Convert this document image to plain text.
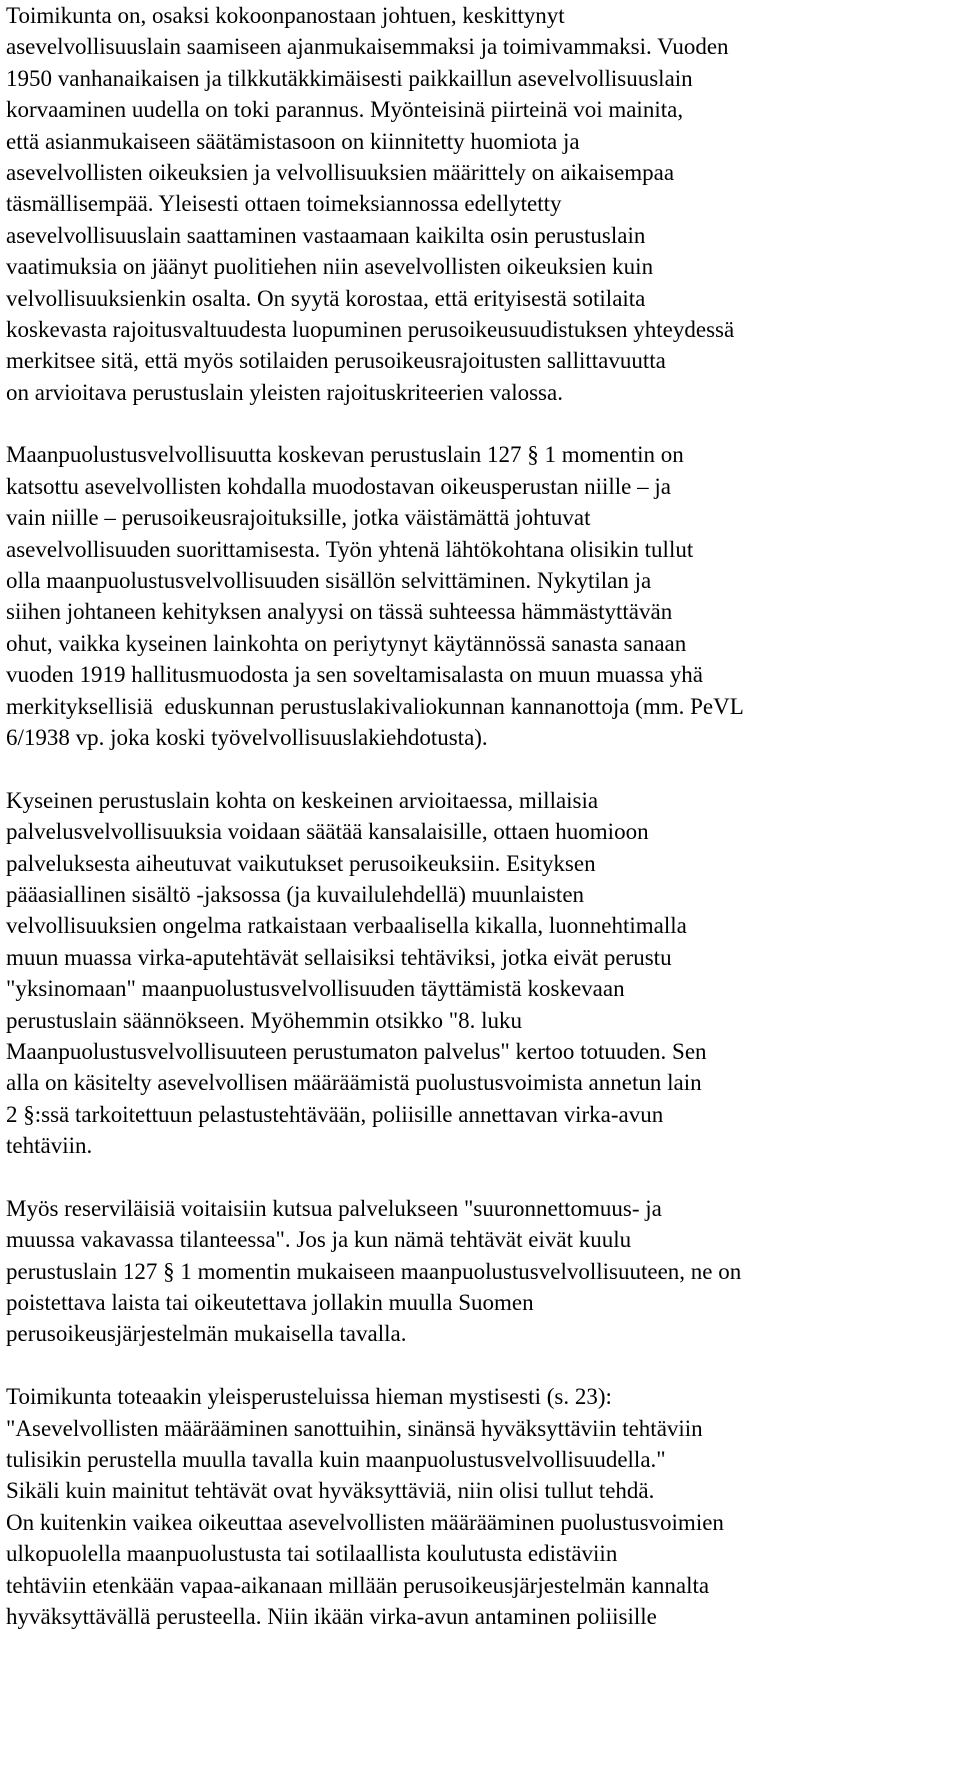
Toimikunta on, osaksi kokoonpanostaan johtuen, keskittynyt
asevelvollisuuslain saamiseen ajanmukaisemmaksi ja toimivammaksi. Vuoden
1950 vanhanaikaisen ja tilkkutäkkimäisesti paikkaillun asevelvollisuuslain
korvaaminen uudella on toki parannus. Myönteisinä piirteinä voi mainita,
että asianmukaiseen säätämistasoon on kiinnitetty huomiota ja
asevelvollisten oikeuksien ja velvollisuuksien määrittely on aikaisempaa
täsmällisempää. Yleisesti ottaen toimeksiannossa edellytetty
asevelvollisuuslain saattaminen vastaamaan kaikilta osin perustuslain
vaatimuksia on jäänyt puolitiehen niin asevelvollisten oikeuksien kuin
velvollisuuksienkin osalta. On syytä korostaa, että erityisestä sotilaita
koskevasta rajoitusvaltuudesta luopuminen perusoikeusuudistuksen yhteydessä
merkitsee sitä, että myös sotilaiden perusoikeusrajoitusten sallittavuutta
on arvioitava perustuslain yleisten rajoituskriteerien valossa.

Maanpuolustusvelvollisuutta koskevan perustuslain 127 § 1 momentin on
katsottu asevelvollisten kohdalla muodostavan oikeusperustan niille – ja
vain niille – perusoikeusrajoituksille, jotka väistämättä johtuvat
asevelvollisuuden suorittamisesta. Työn yhtenä lähtökohtana olisikin tullut
olla maanpuolustusvelvollisuuden sisällön selvittäminen. Nykytilan ja
siihen johtaneen kehityksen analyysi on tässä suhteessa hämmästyttävän
ohut, vaikka kyseinen lainkohta on periytynyt käytännössä sanasta sanaan
vuoden 1919 hallitusmuodosta ja sen soveltamisalasta on muun muassa yhä
merkityksellisiä  eduskunnan perustuslakivaliokunnan kannanottoja (mm. PeVL
6/1938 vp. joka koski työvelvollisuuslakiehdotusta).

Kyseinen perustuslain kohta on keskeinen arvioitaessa, millaisia
palvelusvelvollisuuksia voidaan säätää kansalaisille, ottaen huomioon
palveluksesta aiheutuvat vaikutukset perusoikeuksiin. Esityksen
pääasiallinen sisältö -jaksossa (ja kuvailulehdellä) muunlaisten
velvollisuuksien ongelma ratkaistaan verbaalisella kikalla, luonnehtimalla
muun muassa virka-aputehtävät sellaisiksi tehtäviksi, jotka eivät perustu
"yksinomaan" maanpuolustusvelvollisuuden täyttämistä koskevaan
perustuslain säännökseen. Myöhemmin otsikko "8. luku
Maanpuolustusvelvollisuuteen perustumaton palvelus" kertoo totuuden. Sen
alla on käsitelty asevelvollisen määräämistä puolustusvoimista annetun lain
2 §:ssä tarkoitettuun pelastustehtävään, poliisille annettavan virka-avun
tehtäviin.

Myös reserviläisiä voitaisiin kutsua palvelukseen "suuronnettomuus- ja
muussa vakavassa tilanteessa". Jos ja kun nämä tehtävät eivät kuulu
perustuslain 127 § 1 momentin mukaiseen maanpuolustusvelvollisuuteen, ne on
poistettava laista tai oikeutettava jollakin muulla Suomen
perusoikeusjärjestelmän mukaisella tavalla.

Toimikunta toteaakin yleisperusteluissa hieman mystisesti (s. 23):
"Asevelvollisten määrääminen sanottuihin, sinänsä hyväksyttäviin tehtäviin
tulisikin perustella muulla tavalla kuin maanpuolustusvelvollisuudella."
Sikäli kuin mainitut tehtävät ovat hyväksyttäviä, niin olisi tullut tehdä.
On kuitenkin vaikea oikeuttaa asevelvollisten määrääminen puolustusvoimien
ulkopuolella maanpuolustusta tai sotilaallista koulutusta edistäviin
tehtäviin etenkään vapaa-aikanaan millään perusoikeusjärjestelmän kannalta
hyväksyttävällä perusteella. Niin ikään virka-avun antaminen poliisille
